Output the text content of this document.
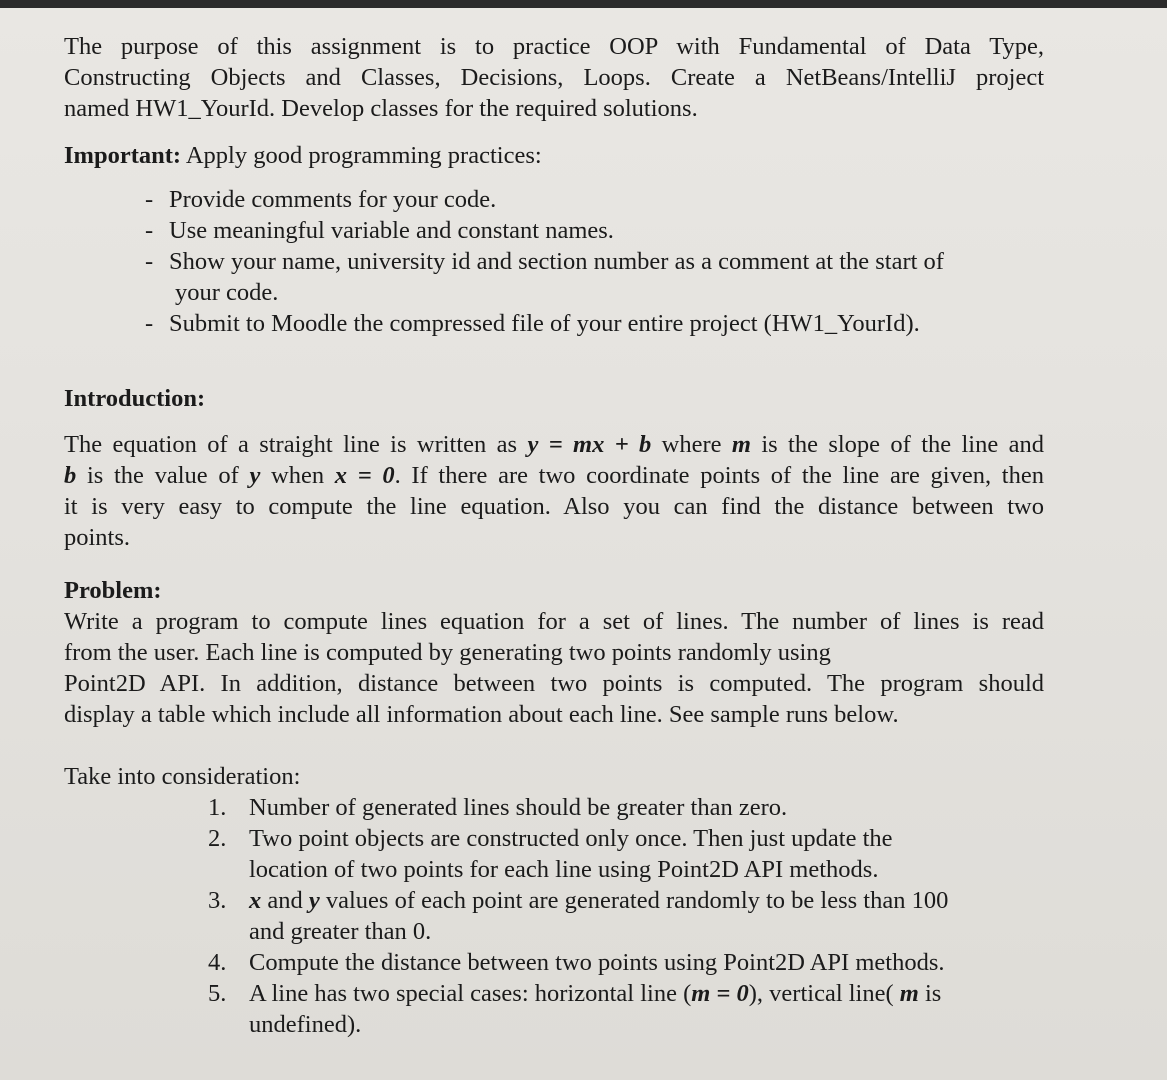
The purpose of this assignment is to practice OOP with Fundamental of Data Type,
Constructing Objects and Classes, Decisions, Loops. Create a NetBeans/IntelliJ project
named HW1_YourId. Develop classes for the required solutions.
Important: Apply good programming practices:
- Provide comments for your code.
- Use meaningful variable and constant names.
- Show your name, university id and section number as a comment at the start of
your code.
- Submit to Moodle the compressed file of your entire project (HW1_YourId).
Introduction:
The equation of a straight line is written as y = mx + b where m is the slope of the line and
b is the value of y when x = 0. If there are two coordinate points of the line are given, then
it is very easy to compute the line equation. Also you can find the distance between two
points.
Problem:
Write a program to compute lines equation for a set of lines. The number of lines is read
from the user. Each line is computed by generating two points randomly using
Point2D API. In addition, distance between two points is computed. The program should
display a table which include all information about each line. See sample runs below.
Take into consideration:
1. Number of generated lines should be greater than zero.
2. Two point objects are constructed only once. Then just update the
location of two points for each line using Point2D API methods.
3. x and y values of each point are generated randomly to be less than 100
and greater than 0.
4. Compute the distance between two points using Point2D API methods.
5. A line has two special cases: horizontal line (m = 0), vertical line( m is
undefined).
